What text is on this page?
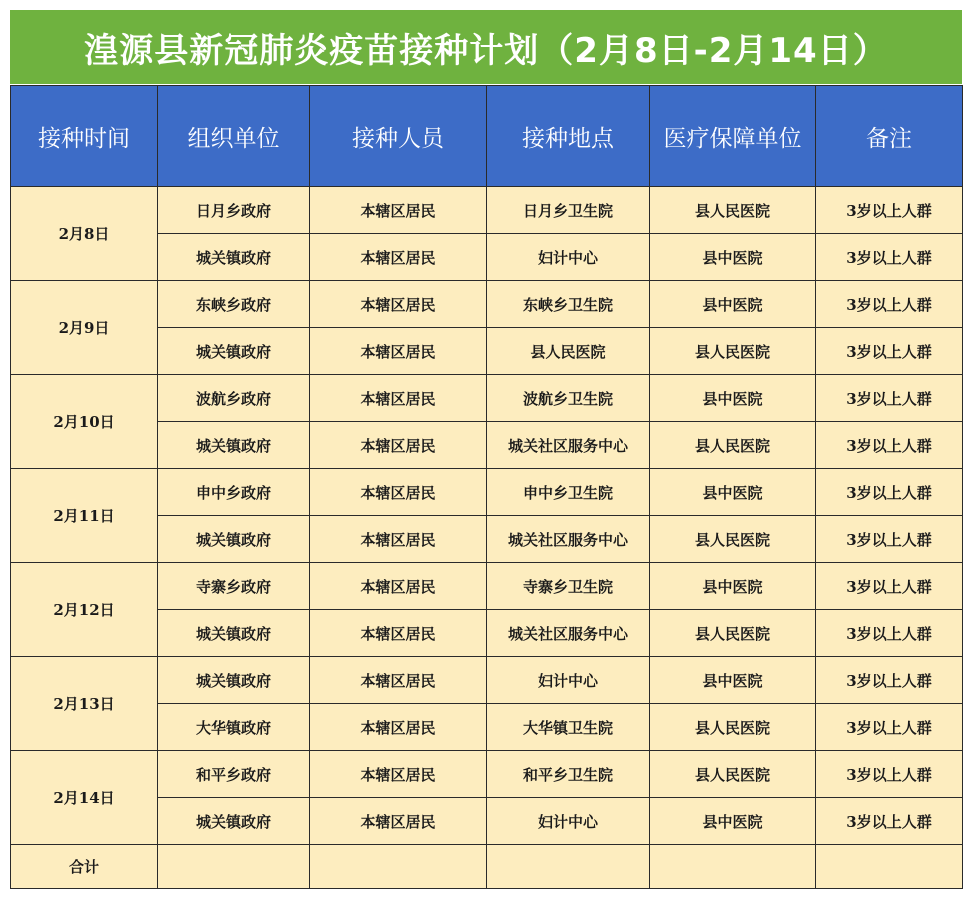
湟源县新冠肺炎疫苗接种计划（2月8日-2月14日）
接种时间	组织单位	接种人员	接种地点	医疗保障单位	备注
2月8日	日月乡政府	本辖区居民	日月乡卫生院	县人民医院	3岁以上人群
	城关镇政府	本辖区居民	妇计中心	县中医院	3岁以上人群
2月9日	东峡乡政府	本辖区居民	东峡乡卫生院	县中医院	3岁以上人群
	城关镇政府	本辖区居民	县人民医院	县人民医院	3岁以上人群
2月10日	波航乡政府	本辖区居民	波航乡卫生院	县中医院	3岁以上人群
	城关镇政府	本辖区居民	城关社区服务中心	县人民医院	3岁以上人群
2月11日	申中乡政府	本辖区居民	申中乡卫生院	县中医院	3岁以上人群
	城关镇政府	本辖区居民	城关社区服务中心	县人民医院	3岁以上人群
2月12日	寺寨乡政府	本辖区居民	寺寨乡卫生院	县中医院	3岁以上人群
	城关镇政府	本辖区居民	城关社区服务中心	县人民医院	3岁以上人群
2月13日	城关镇政府	本辖区居民	妇计中心	县中医院	3岁以上人群
	大华镇政府	本辖区居民	大华镇卫生院	县人民医院	3岁以上人群
2月14日	和平乡政府	本辖区居民	和平乡卫生院	县人民医院	3岁以上人群
	城关镇政府	本辖区居民	妇计中心	县中医院	3岁以上人群
合计					
